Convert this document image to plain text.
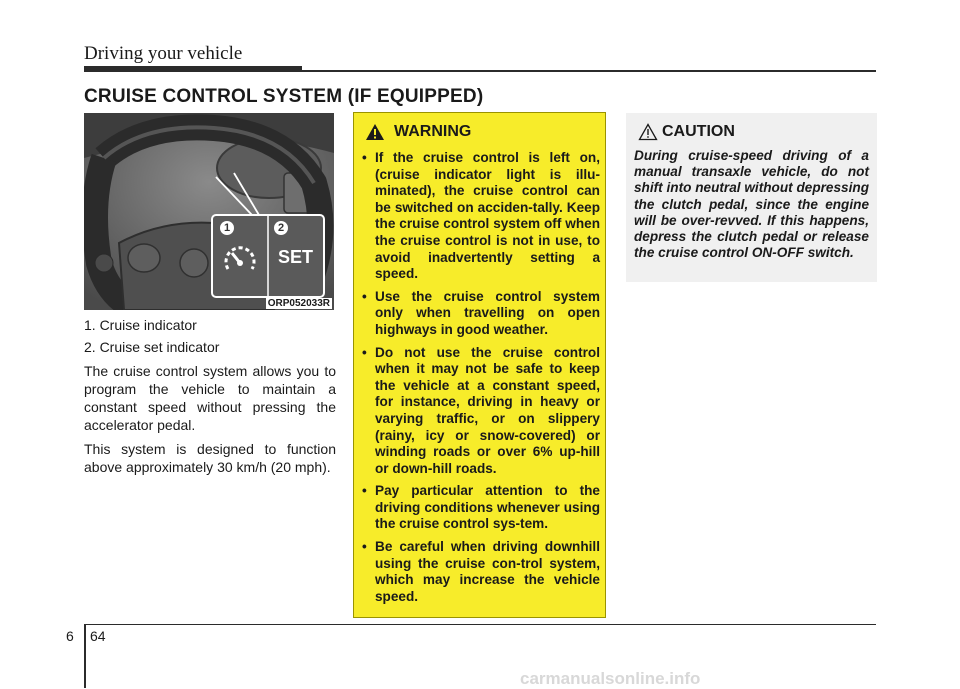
Driving your vehicle
CRUISE CONTROL SYSTEM (IF EQUIPPED)
1	2
SET
ORP052033R

1. Cruise indicator

2. Cruise set indicator

The cruise control system allows you to program the vehicle to maintain a constant speed without pressing the accelerator pedal.

This system is designed to function above approximately 30 km/h (20 mph).

WARNING
• If the cruise control is left on, (cruise indicator light is illu-minated), the cruise control can be switched on acciden-tally. Keep the cruise control system off when the cruise control is not in use, to avoid inadvertently setting a speed.
• Use the cruise control system only when travelling on open highways in good weather.
• Do not use the cruise control when it may not be safe to keep the vehicle at a constant speed, for instance, driving in heavy or varying traffic, or on slippery (rainy, icy or snow-covered) or winding roads or over 6% up-hill or down-hill roads.
• Pay particular attention to the driving conditions whenever using the cruise control sys-tem.
• Be careful when driving downhill using the cruise con-trol system, which may increase the vehicle speed.
CAUTION

During cruise-speed driving of a manual transaxle vehicle, do not shift into neutral without depressing the clutch pedal, since the engine will be over-revved. If this happens, depress the clutch pedal or release the cruise control ON-OFF switch.

6 64
carmanualsonline.info
